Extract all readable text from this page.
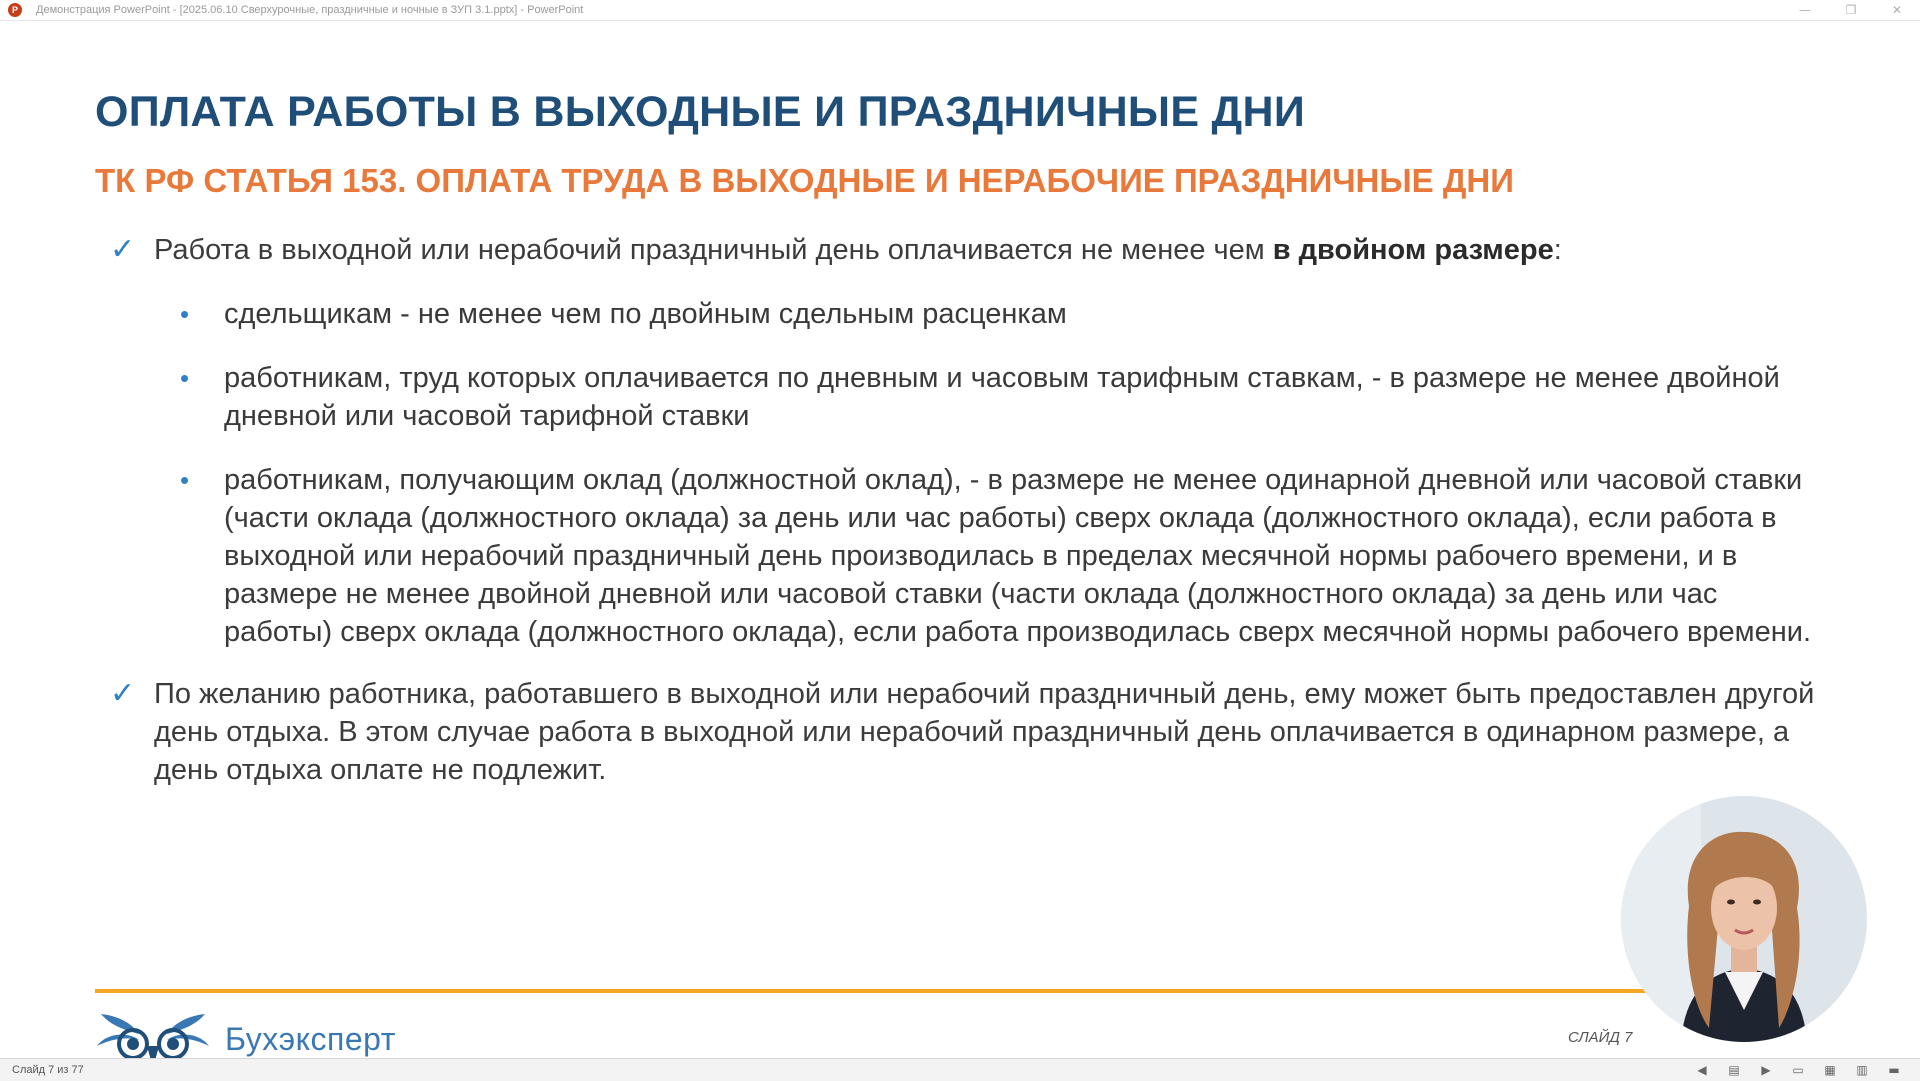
P	Демонстрация PowerPoint - [2025.06.10 Сверхурочные, праздничные и ночные в ЗУП 3.1.pptx] - PowerPoint	—	❐	✕
ОПЛАТА РАБОТЫ В ВЫХОДНЫЕ И ПРАЗДНИЧНЫЕ ДНИ
ТК РФ СТАТЬЯ 153. ОПЛАТА ТРУДА В ВЫХОДНЫЕ И НЕРАБОЧИЕ ПРАЗДНИЧНЫЕ ДНИ
✓ Работа в выходной или нерабочий праздничный день оплачивается не менее чем в двойном размере:
• сдельщикам - не менее чем по двойным сдельным расценкам
• работникам, труд которых оплачивается по дневным и часовым тарифным ставкам, - в размере не менее двойной дневной или часовой тарифной ставки
• работникам, получающим оклад (должностной оклад), - в размере не менее одинарной дневной или часовой ставки (части оклада (должностного оклада) за день или час работы) сверх оклада (должностного оклада), если работа в выходной или нерабочий праздничный день производилась в пределах месячной нормы рабочего времени, и в размере не менее двойной дневной или часовой ставки (части оклада (должностного оклада) за день или час работы) сверх оклада (должностного оклада), если работа производилась сверх месячной нормы рабочего времени.
✓ По желанию работника, работавшего в выходной или нерабочий праздничный день, ему может быть предоставлен другой день отдыха. В этом случае работа в выходной или нерабочий праздничный день оплачивается в одинарном размере, а день отдыха оплате не подлежит.
Бухэксперт	СЛАЙД 7
Слайд 7 из 77	◀	▤	▶	▭	▦	▥	▬
